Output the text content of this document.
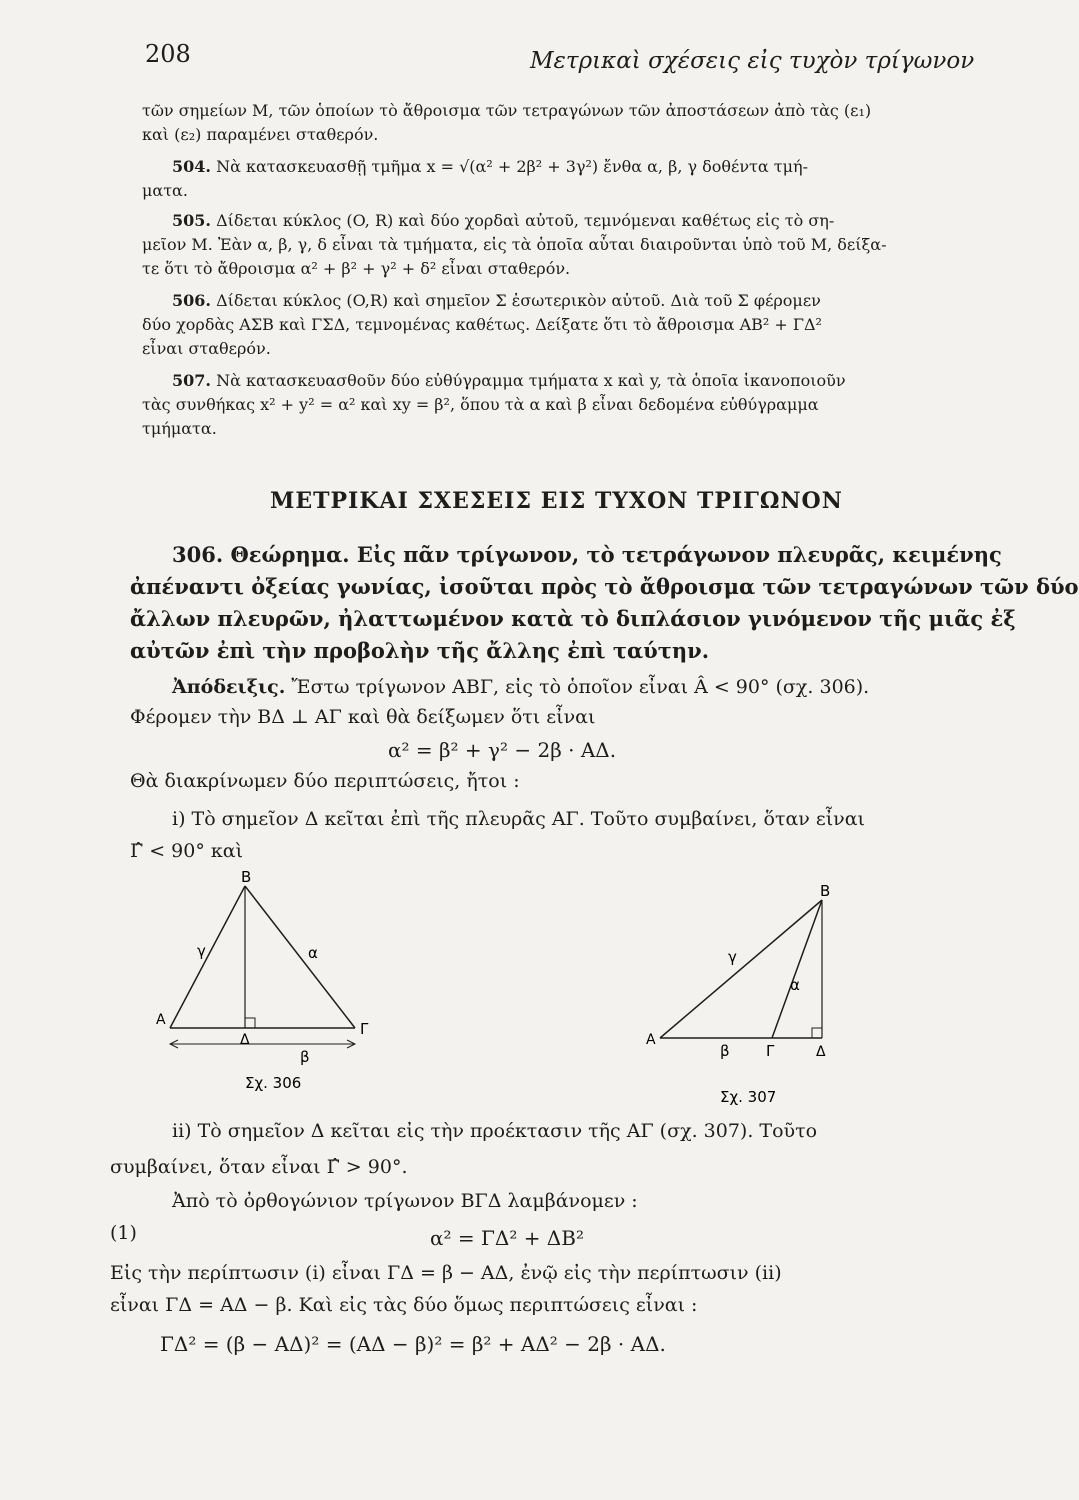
208	Μετρικαὶ σχέσεις εἰς τυχὸν τρίγωνον
τῶν σημείων Μ, τῶν ὁποίων τὸ ἄθροισμα τῶν τετραγώνων τῶν ἀποστάσεων ἀπὸ τὰς (ε₁)
καὶ (ε₂) παραμένει σταθερόν.
504. Νὰ κατασκευασθῇ τμῆμα x = √(α² + 2β² + 3γ²) ἔνθα α, β, γ δοθέντα τμή-
ματα.
505. Δίδεται κύκλος (O, R) καὶ δύο χορδαὶ αὐτοῦ, τεμνόμεναι καθέτως εἰς τὸ ση-
μεῖον Μ. Ἐὰν α, β, γ, δ εἶναι τὰ τμήματα, εἰς τὰ ὁποῖα αὗται διαιροῦνται ὑπὸ τοῦ Μ, δείξα-
τε ὅτι τὸ ἄθροισμα α² + β² + γ² + δ² εἶναι σταθερόν.
506. Δίδεται κύκλος (O,R) καὶ σημεῖον Σ ἐσωτερικὸν αὐτοῦ. Διὰ τοῦ Σ φέρομεν
δύο χορδὰς ΑΣΒ καὶ ΓΣΔ, τεμνομένας καθέτως. Δείξατε ὅτι τὸ ἄθροισμα ΑΒ² + ΓΔ²
εἶναι σταθερόν.
507. Νὰ κατασκευασθοῦν δύο εὐθύγραμμα τμήματα x καὶ y, τὰ ὁποῖα ἱκανοποιοῦν
τὰς συνθήκας x² + y² = α² καὶ xy = β², ὅπου τὰ α καὶ β εἶναι δεδομένα εὐθύγραμμα
τμήματα.
ΜΕΤΡΙΚΑΙ ΣΧΕΣΕΙΣ ΕΙΣ ΤΥΧΟΝ ΤΡΙΓΩΝΟΝ
306. Θεώρημα. Εἰς πᾶν τρίγωνον, τὸ τετράγωνον πλευρᾶς, κειμένης
ἀπέναντι ὀξείας γωνίας, ἰσοῦται πρὸς τὸ ἄθροισμα τῶν τετραγώνων τῶν δύο
ἄλλων πλευρῶν, ἠλαττωμένον κατὰ τὸ διπλάσιον γινόμενον τῆς μιᾶς ἐξ
αὐτῶν ἐπὶ τὴν προβολὴν τῆς ἄλλης ἐπὶ ταύτην.
Ἀπόδειξις. Ἔστω τρίγωνον ΑΒΓ, εἰς τὸ ὁποῖον εἶναι Â < 90° (σχ. 306).
Φέρομεν τὴν ΒΔ ⊥ ΑΓ καὶ θὰ δείξωμεν ὅτι εἶναι
α² = β² + γ² − 2β · ΑΔ.
Θὰ διακρίνωμεν δύο περιπτώσεις, ἤτοι :
i) Τὸ σημεῖον Δ κεῖται ἐπὶ τῆς πλευρᾶς ΑΓ. Τοῦτο συμβαίνει, ὅταν εἶναι
Γ̂ < 90° καὶ
B
A	Γ
Δ
γ	α
β
Σχ. 306
B
A
Γ	Δ
γ
α
β
Σχ. 307
ii) Τὸ σημεῖον Δ κεῖται εἰς τὴν προέκτασιν τῆς ΑΓ (σχ. 307). Τοῦτο
συμβαίνει, ὅταν εἶναι Γ̂ > 90°.
Ἀπὸ τὸ ὀρθογώνιον τρίγωνον ΒΓΔ λαμβάνομεν :
(1)	α² = ΓΔ² + ΔΒ²
Εἰς τὴν περίπτωσιν (i) εἶναι ΓΔ = β − ΑΔ, ἐνῷ εἰς τὴν περίπτωσιν (ii)
εἶναι ΓΔ = ΑΔ − β. Καὶ εἰς τὰς δύο ὅμως περιπτώσεις εἶναι :
ΓΔ² = (β − ΑΔ)² = (ΑΔ − β)² = β² + ΑΔ² − 2β · ΑΔ.
